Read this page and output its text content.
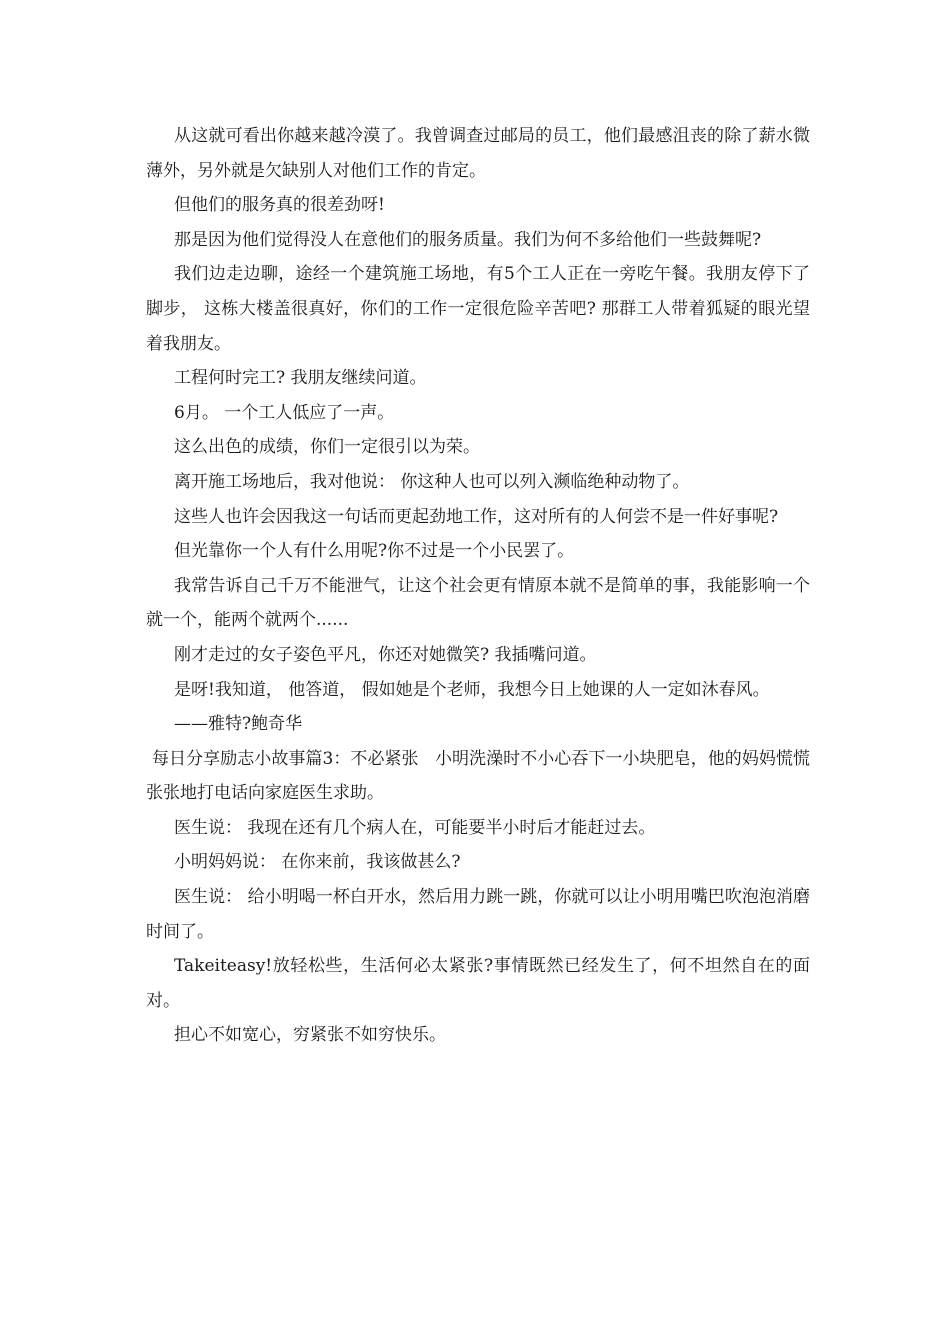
从这就可看出你越来越冷漠了。我曾调查过邮局的员工，他们最感沮丧的除了薪水微薄外，另外就是欠缺别人对他们工作的肯定。

但他们的服务真的很差劲呀!

那是因为他们觉得没人在意他们的服务质量。我们为何不多给他们一些鼓舞呢?

我们边走边聊，途经一个建筑施工场地，有5个工人正在一旁吃午餐。我朋友停下了脚步， 这栋大楼盖很真好，你们的工作一定很危险辛苦吧? 那群工人带着狐疑的眼光望着我朋友。

工程何时完工? 我朋友继续问道。

6月。 一个工人低应了一声。

这么出色的成绩，你们一定很引以为荣。

离开施工场地后，我对他说： 你这种人也可以列入濒临绝种动物了。

这些人也许会因我这一句话而更起劲地工作，这对所有的人何尝不是一件好事呢?

但光靠你一个人有什么用呢?你不过是一个小民罢了。

我常告诉自己千万不能泄气，让这个社会更有情原本就不是简单的事，我能影响一个就一个，能两个就两个......

刚才走过的女子姿色平凡，你还对她微笑? 我插嘴问道。

是呀!我知道， 他答道， 假如她是个老师，我想今日上她课的人一定如沐春风。

——雅特?鲍奇华

每日分享励志小故事篇3：不必紧张   小明洗澡时不小心吞下一小块肥皂，他的妈妈慌慌张张地打电话向家庭医生求助。

医生说： 我现在还有几个病人在，可能要半小时后才能赶过去。

小明妈妈说： 在你来前，我该做甚么?

医生说： 给小明喝一杯白开水，然后用力跳一跳，你就可以让小明用嘴巴吹泡泡消磨时间了。

Takeiteasy!放轻松些，生活何必太紧张?事情既然已经发生了，何不坦然自在的面对。

担心不如宽心，穷紧张不如穷快乐。
